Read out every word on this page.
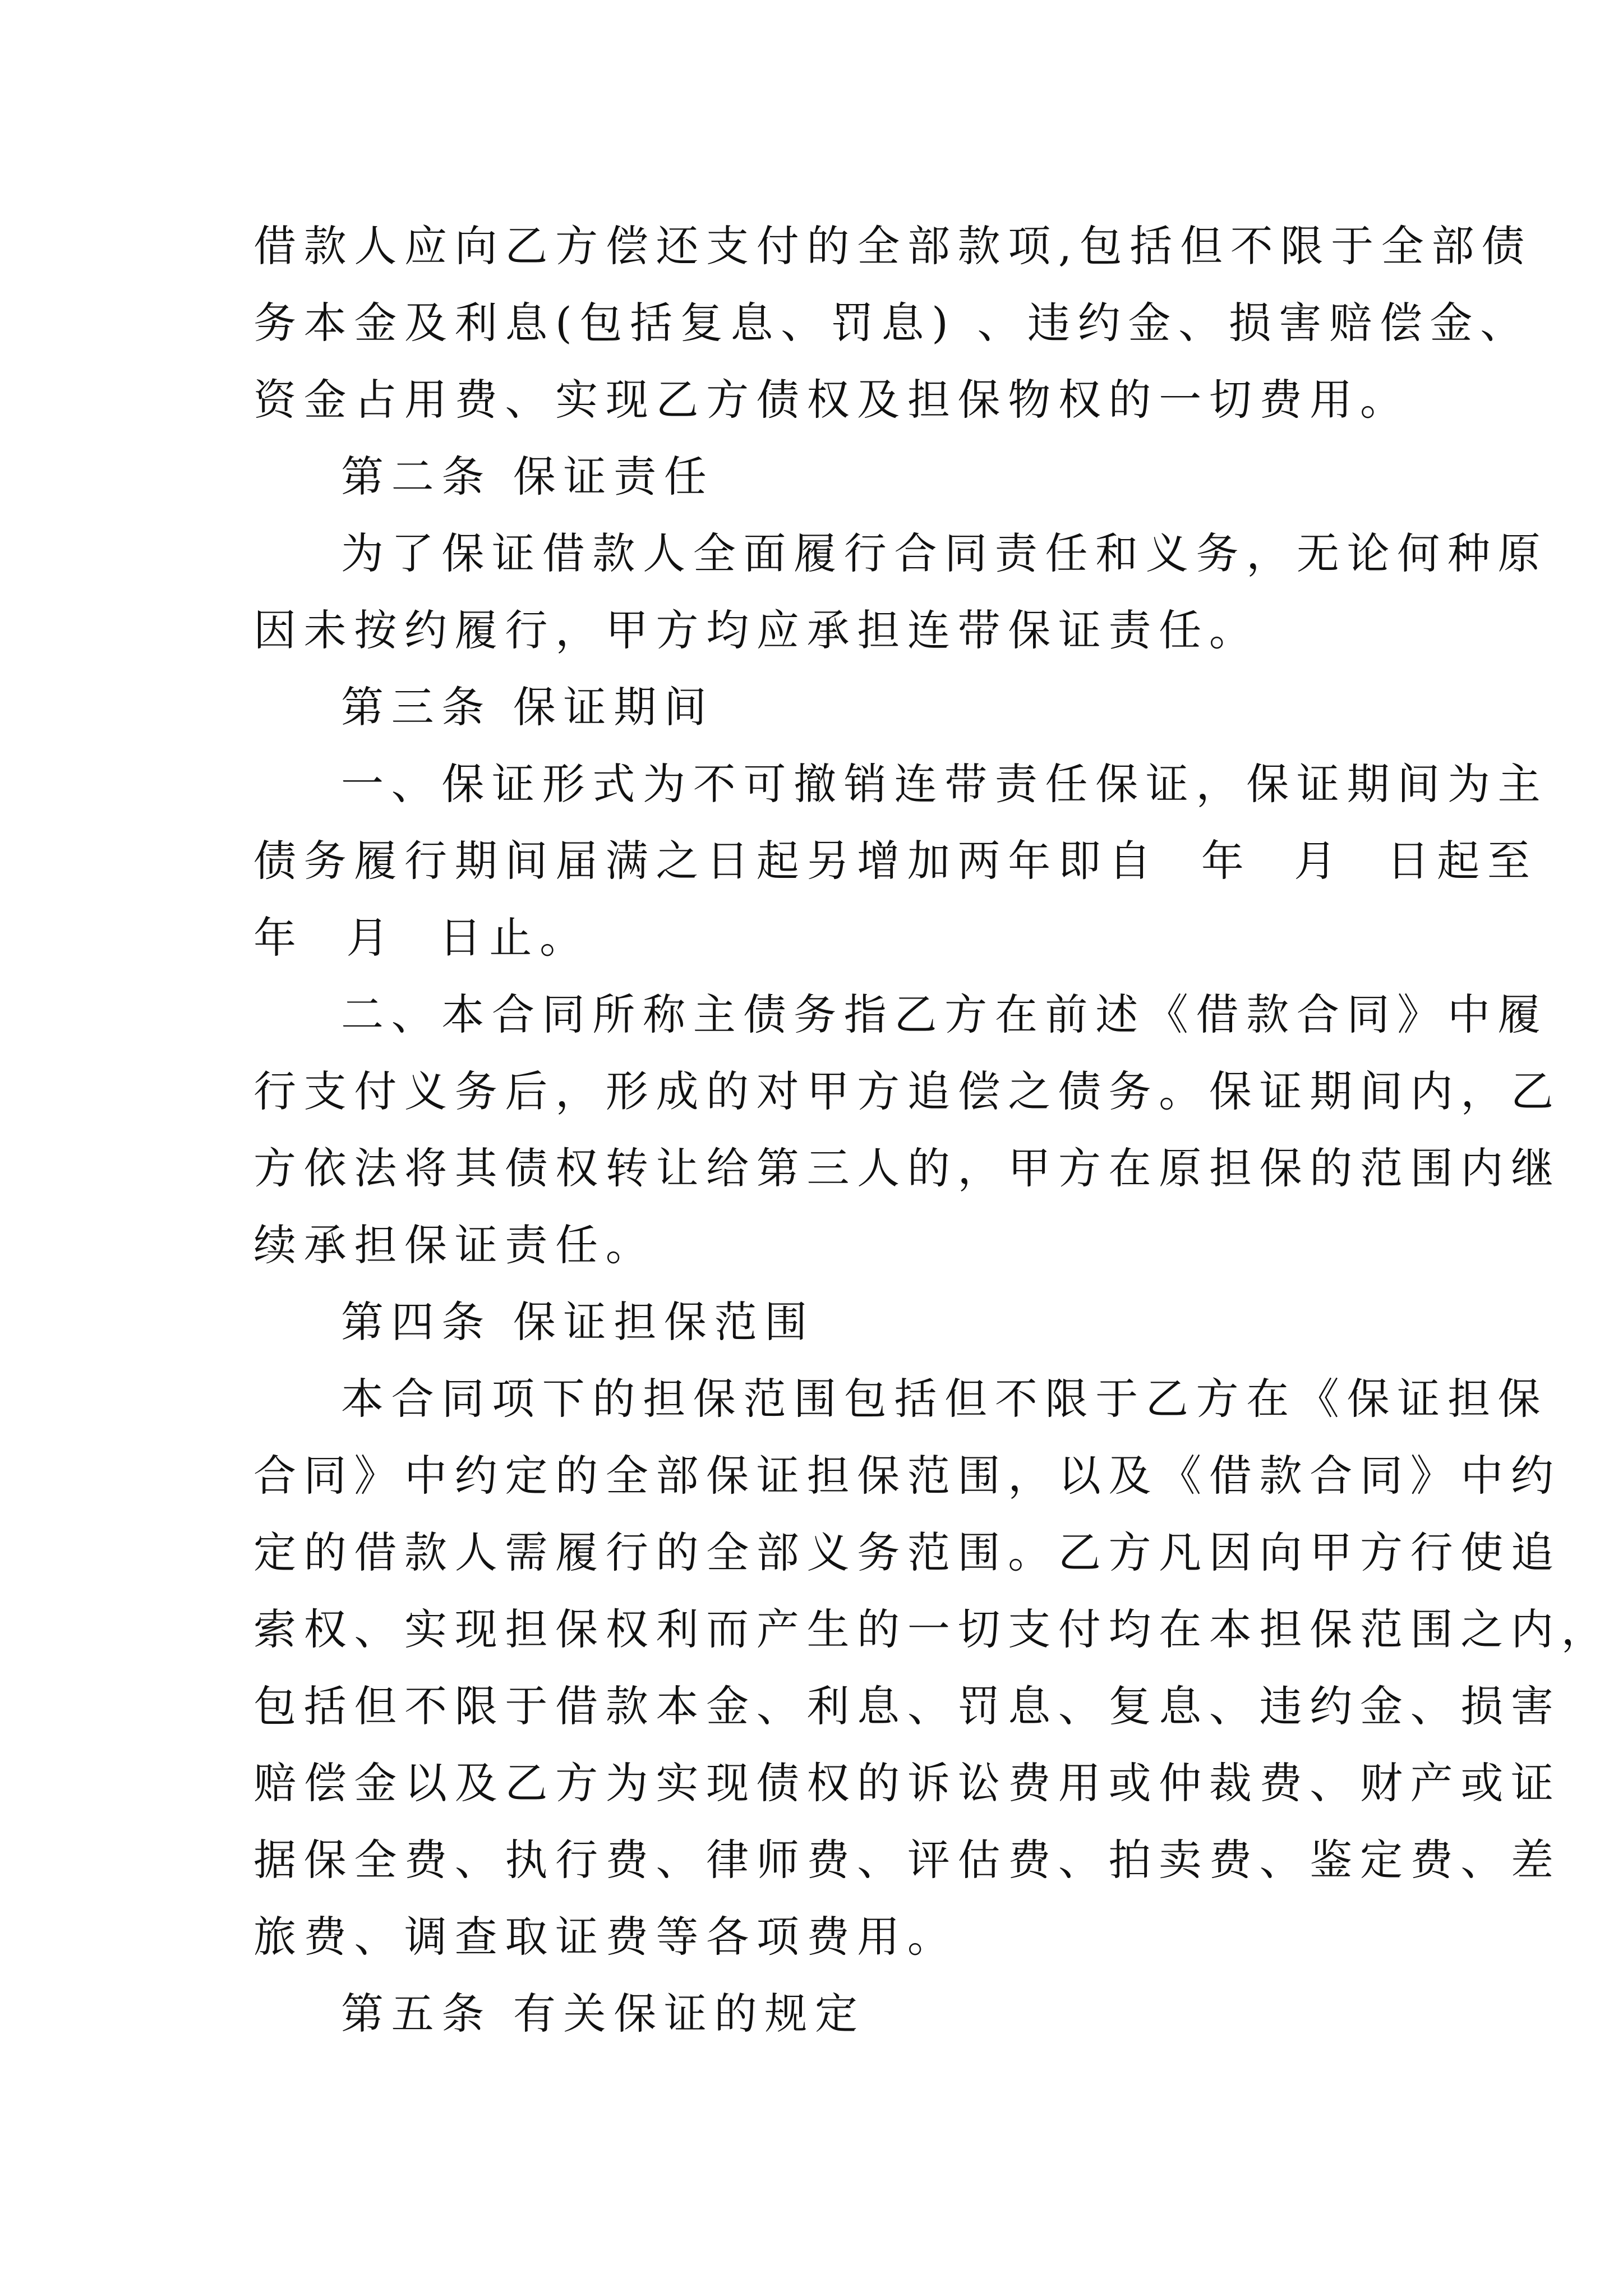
借款人应向乙方偿还支付的全部款项,包括但不限于全部债
务本金及利息(包括复息、罚息) 、违约金、损害赔偿金、
资金占用费、实现乙方债权及担保物权的一切费用。
第二条 保证责任
为了保证借款人全面履行合同责任和义务，无论何种原
因未按约履行，甲方均应承担连带保证责任。
第三条 保证期间
一、保证形式为不可撤销连带责任保证，保证期间为主
债务履行期间届满之日起另增加两年即自  年  月  日起至
年  月  日止。
二、本合同所称主债务指乙方在前述《借款合同》中履
行支付义务后，形成的对甲方追偿之债务。保证期间内，乙
方依法将其债权转让给第三人的，甲方在原担保的范围内继
续承担保证责任。
第四条 保证担保范围
本合同项下的担保范围包括但不限于乙方在《保证担保
合同》中约定的全部保证担保范围，以及《借款合同》中约
定的借款人需履行的全部义务范围。乙方凡因向甲方行使追
索权、实现担保权利而产生的一切支付均在本担保范围之内，
包括但不限于借款本金、利息、罚息、复息、违约金、损害
赔偿金以及乙方为实现债权的诉讼费用或仲裁费、财产或证
据保全费、执行费、律师费、评估费、拍卖费、鉴定费、差
旅费、调查取证费等各项费用。
第五条 有关保证的规定
